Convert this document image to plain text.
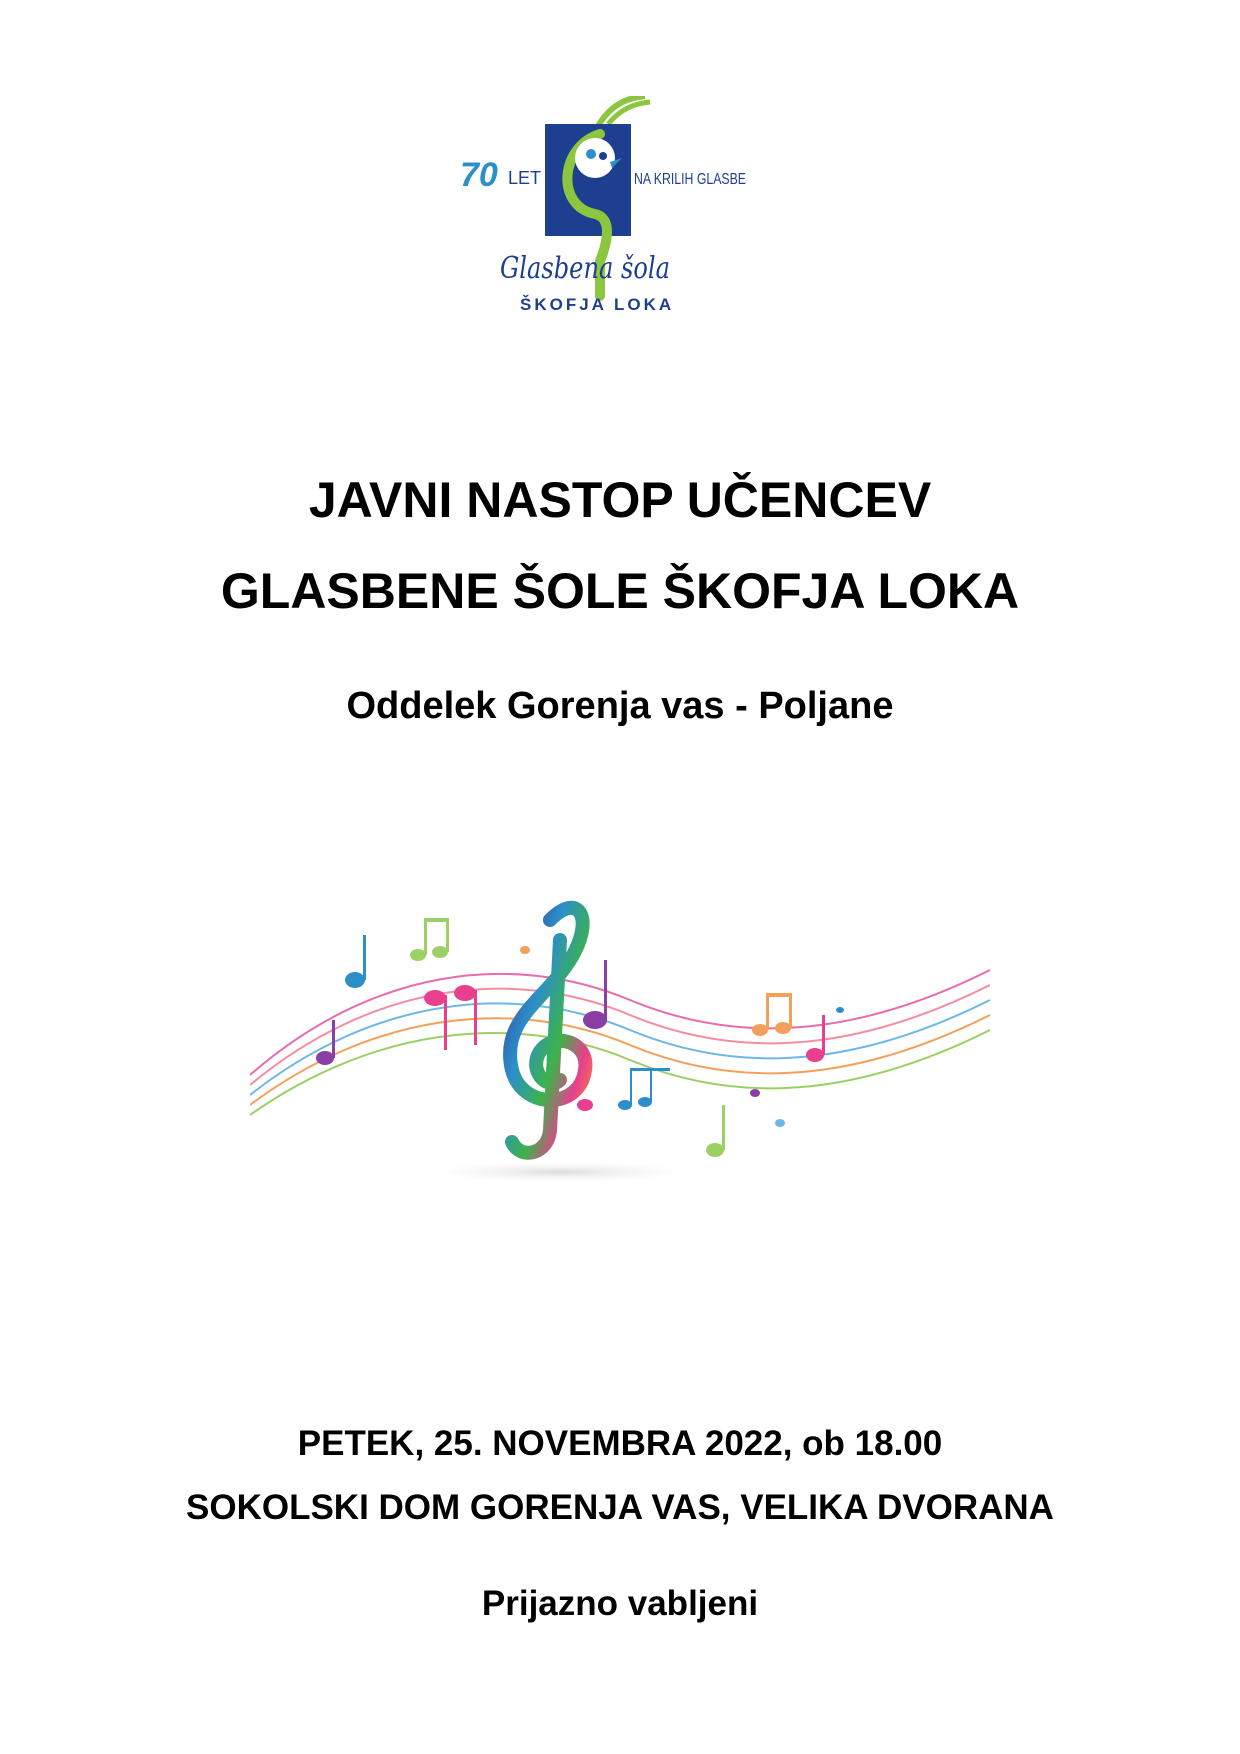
70 LET	NA KRILIH GLASBE
Glasbena šola
ŠKOFJA LOKA
JAVNI NASTOP UČENCEV
GLASBENE ŠOLE ŠKOFJA LOKA
Oddelek Gorenja vas - Poljane
PETEK, 25. NOVEMBRA 2022, ob 18.00
SOKOLSKI DOM GORENJA VAS, VELIKA DVORANA
Prijazno vabljeni
